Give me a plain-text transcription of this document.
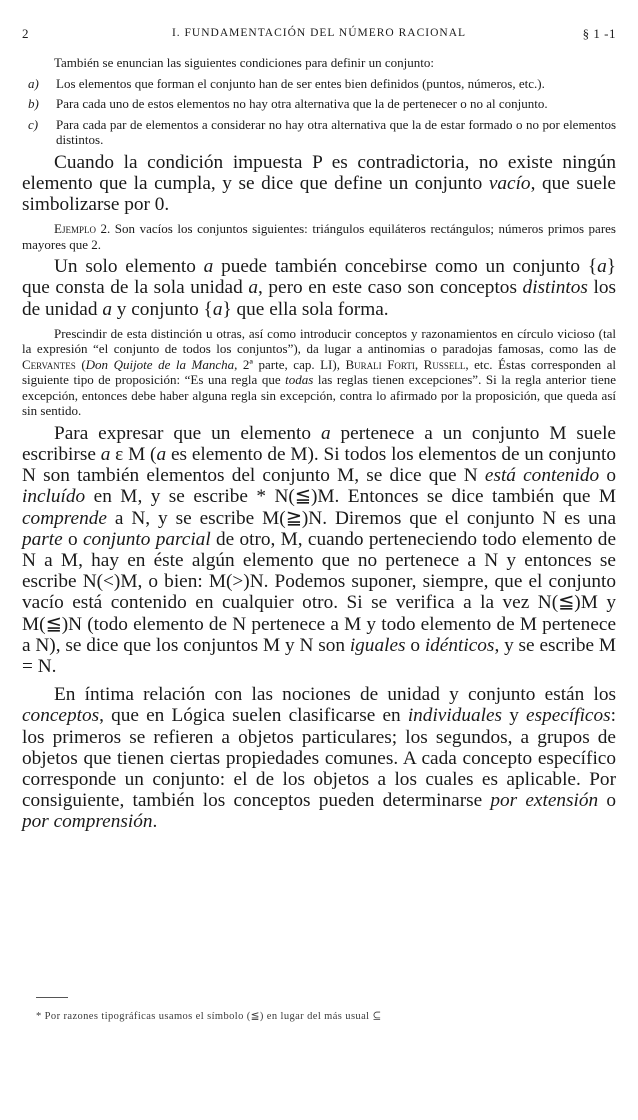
2	I. FUNDAMENTACIÓN DEL NÚMERO RACIONAL	§ 1 -1

También se enuncian las siguientes condiciones para definir un conjunto:

a)	Los elementos que forman el conjunto han de ser entes bien definidos (puntos, números, etc.).
b)	Para cada uno de estos elementos no hay otra alternativa que la de pertenecer o no al conjunto.
c)	Para cada par de elementos a considerar no hay otra alternativa que la de estar formado o no por elementos distintos.

Cuando la condición impuesta P es contradictoria, no existe ningún elemento que la cumpla, y se dice que define un conjunto vacío, que suele simbolizarse por 0.

Ejemplo 2. Son vacíos los conjuntos siguientes: triángulos equiláteros rectángulos; números primos pares mayores que 2.

Un solo elemento a puede también concebirse como un conjunto {a} que consta de la sola unidad a, pero en este caso son conceptos distintos los de unidad a y conjunto {a} que ella sola forma.

Prescindir de esta distinción u otras, así como introducir conceptos y razonamientos en círculo vicioso (tal la expresión “el conjunto de todos los conjuntos”), da lugar a antinomias o paradojas famosas, como las de Cervantes (Don Quijote de la Mancha, 2ª parte, cap. LI), Burali Forti, Russell, etc. Éstas corresponden al siguiente tipo de proposición: “Es una regla que todas las reglas tienen excepciones”. Si la regla anterior tiene excepción, entonces debe haber alguna regla sin excepción, contra lo afirmado por la proposición, que queda así sin sentido.

Para expresar que un elemento a pertenece a un conjunto M suele escribirse a ε M (a es elemento de M). Si todos los elementos de un conjunto N son también elementos del conjunto M, se dice que N está contenido o incluído en M, y se escribe * N(≦)M. Entonces se dice también que M comprende a N, y se escribe M(≧)N. Diremos que el conjunto N es una parte o conjunto parcial de otro, M, cuando perteneciendo todo elemento de N a M, hay en éste algún elemento que no pertenece a N y entonces se escribe N(<)M, o bien: M(>)N. Podemos suponer, siempre, que el conjunto vacío está contenido en cualquier otro. Si se verifica a la vez N(≦)M y M(≦)N (todo elemento de N pertenece a M y todo elemento de M pertenece a N), se dice que los conjuntos M y N son iguales o idénticos, y se escribe M = N.

En íntima relación con las nociones de unidad y conjunto están los conceptos, que en Lógica suelen clasificarse en individuales y específicos: los primeros se refieren a objetos particulares; los segundos, a grupos de objetos que tienen ciertas propiedades comunes. A cada concepto específico corresponde un conjunto: el de los objetos a los cuales es aplicable. Por consiguiente, también los conceptos pueden determinarse por extensión o por comprensión.

* Por razones tipográficas usamos el símbolo (≦) en lugar del más usual ⊆
